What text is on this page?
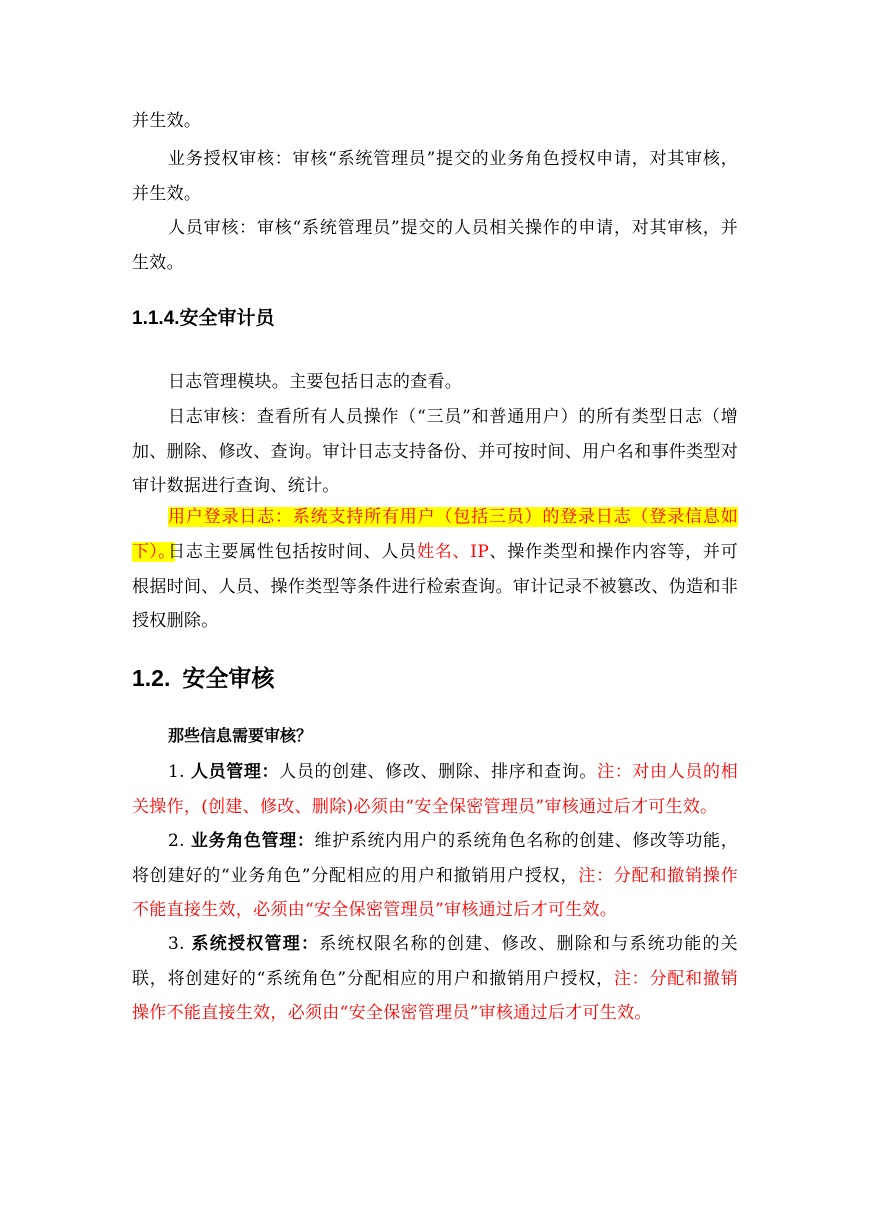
并生效。

业务授权审核：审核“系统管理员”提交的业务角色授权申请，对其审核，并生效。

人员审核：审核“系统管理员”提交的人员相关操作的申请，对其审核，并生效。

1.1.4.安全审计员

日志管理模块。主要包括日志的查看。

日志审核：查看所有人员操作（“三员”和普通用户）的所有类型日志（增加、删除、修改、查询。审计日志支持备份、并可按时间、用户名和事件类型对审计数据进行查询、统计。

用户登录日志：系统支持所有用户（包括三员）的登录日志（登录信息如下）。

日志主要属性包括按时间、人员姓名、IP、操作类型和操作内容等，并可根据时间、人员、操作类型等条件进行检索查询。审计记录不被篡改、伪造和非授权删除。

1.2. 安全审核

那些信息需要审核？

1. 人员管理：人员的创建、修改、删除、排序和查询。注：对由人员的相关操作，(创建、修改、删除)必须由“安全保密管理员”审核通过后才可生效。

2. 业务角色管理：维护系统内用户的系统角色名称的创建、修改等功能，将创建好的“业务角色”分配相应的用户和撤销用户授权，注：分配和撤销操作不能直接生效，必须由“安全保密管理员”审核通过后才可生效。

3. 系统授权管理：系统权限名称的创建、修改、删除和与系统功能的关联，将创建好的“系统角色”分配相应的用户和撤销用户授权，注：分配和撤销操作不能直接生效，必须由“安全保密管理员”审核通过后才可生效。
